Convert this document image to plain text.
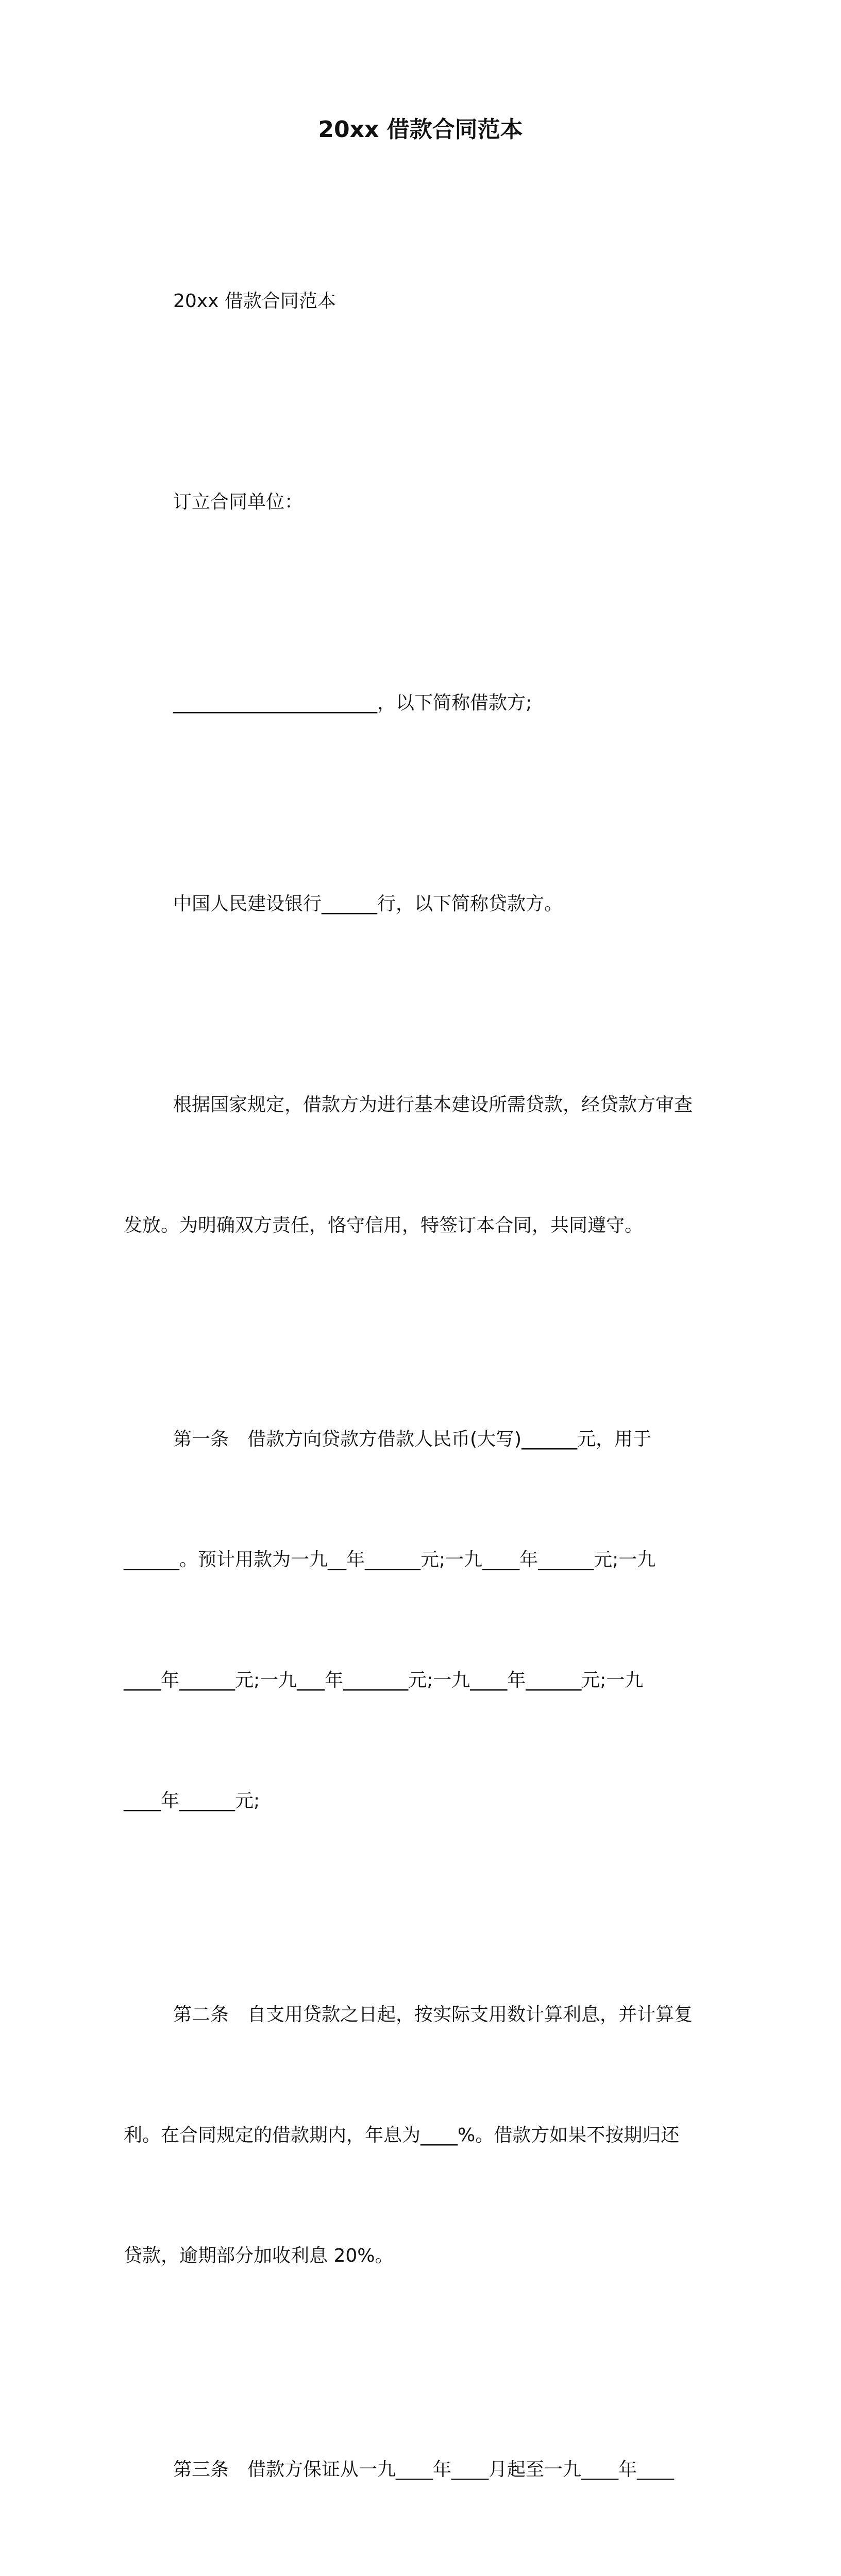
20xx 借款合同范本

20xx 借款合同范本

订立合同单位：

______________________，以下简称借款方;

中国人民建设银行______行，以下简称贷款方。

根据国家规定，借款方为进行基本建设所需贷款，经贷款方审查

发放。为明确双方责任，恪守信用，特签订本合同，共同遵守。

第一条　借款方向贷款方借款人民币(大写)______元，用于

______。预计用款为一九__年______元;一九____年______元;一九

____年______元;一九___年_______元;一九____年______元;一九

____年______元;

第二条　自支用贷款之日起，按实际支用数计算利息，并计算复

利。在合同规定的借款期内，年息为____%。借款方如果不按期归还

贷款，逾期部分加收利息 20%。

第三条　借款方保证从一九____年____月起至一九____年____
